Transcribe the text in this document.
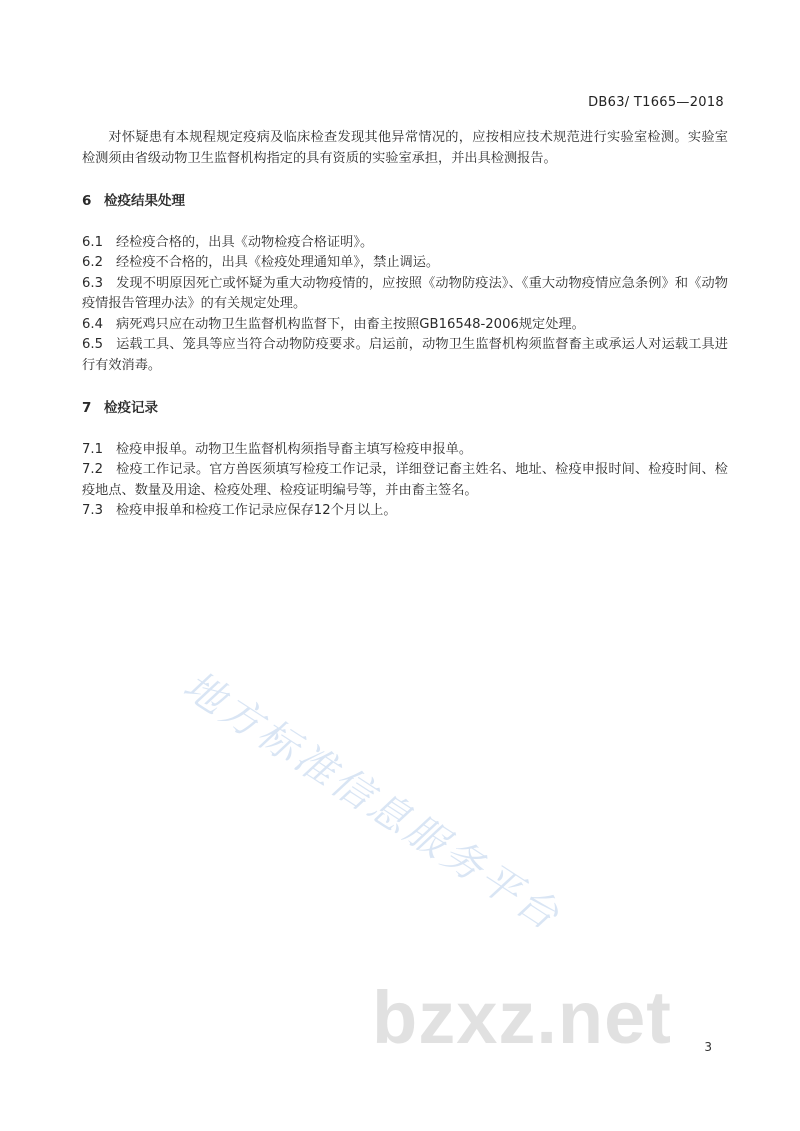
DB63/ T1665—2018

对怀疑患有本规程规定疫病及临床检查发现其他异常情况的，应按相应技术规范进行实验室检测。实验室检测须由省级动物卫生监督机构指定的具有资质的实验室承担，并出具检测报告。

6 检疫结果处理

6.1 经检疫合格的，出具《动物检疫合格证明》。

6.2 经检疫不合格的，出具《检疫处理通知单》，禁止调运。

6.3 发现不明原因死亡或怀疑为重大动物疫情的，应按照《动物防疫法》、《重大动物疫情应急条例》和《动物疫情报告管理办法》的有关规定处理。

6.4 病死鸡只应在动物卫生监督机构监督下，由畜主按照GB16548-2006规定处理。

6.5 运载工具、笼具等应当符合动物防疫要求。启运前，动物卫生监督机构须监督畜主或承运人对运载工具进行有效消毒。

7 检疫记录

7.1 检疫申报单。动物卫生监督机构须指导畜主填写检疫申报单。

7.2 检疫工作记录。官方兽医须填写检疫工作记录，详细登记畜主姓名、地址、检疫申报时间、检疫时间、检疫地点、数量及用途、检疫处理、检疫证明编号等，并由畜主签名。

7.3 检疫申报单和检疫工作记录应保存12个月以上。

地方标准信息服务平台
bzxz.net	3
